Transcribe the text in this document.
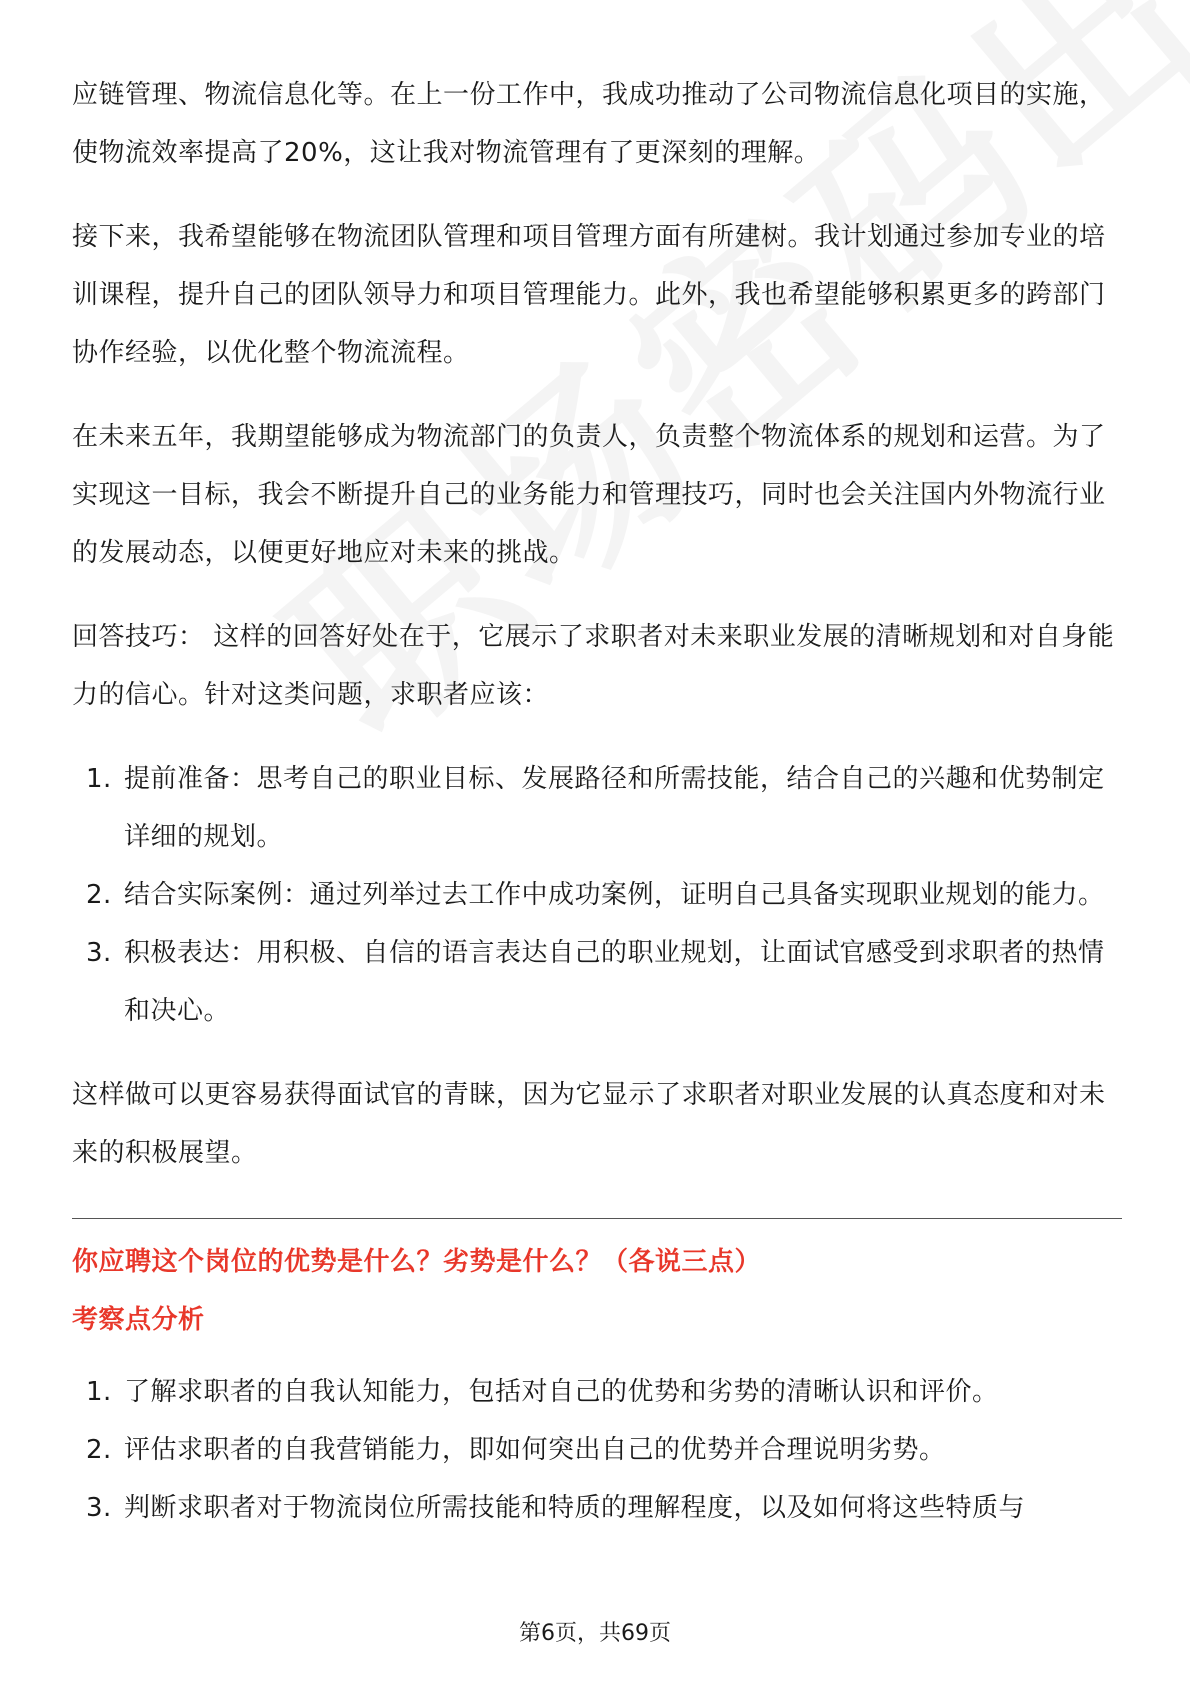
应链管理、物流信息化等。在上一份工作中，我成功推动了公司物流信息化项目的实施，使物流效率提高了20%，这让我对物流管理有了更深刻的理解。

接下来，我希望能够在物流团队管理和项目管理方面有所建树。我计划通过参加专业的培训课程，提升自己的团队领导力和项目管理能力。此外，我也希望能够积累更多的跨部门协作经验，以优化整个物流流程。

在未来五年，我期望能够成为物流部门的负责人，负责整个物流体系的规划和运营。为了实现这一目标，我会不断提升自己的业务能力和管理技巧，同时也会关注国内外物流行业的发展动态，以便更好地应对未来的挑战。

回答技巧： 这样的回答好处在于，它展示了求职者对未来职业发展的清晰规划和对自身能力的信心。针对这类问题，求职者应该：

1. 提前准备：思考自己的职业目标、发展路径和所需技能，结合自己的兴趣和优势制定详细的规划。
2. 结合实际案例：通过列举过去工作中成功案例，证明自己具备实现职业规划的能力。
3. 积极表达：用积极、自信的语言表达自己的职业规划，让面试官感受到求职者的热情和决心。

这样做可以更容易获得面试官的青睐，因为它显示了求职者对职业发展的认真态度和对未来的积极展望。

你应聘这个岗位的优势是什么？劣势是什么？（各说三点）

考察点分析

1. 了解求职者的自我认知能力，包括对自己的优势和劣势的清晰认识和评价。
2. 评估求职者的自我营销能力，即如何突出自己的优势并合理说明劣势。
3. 判断求职者对于物流岗位所需技能和特质的理解程度，以及如何将这些特质与
第6页，共69页
